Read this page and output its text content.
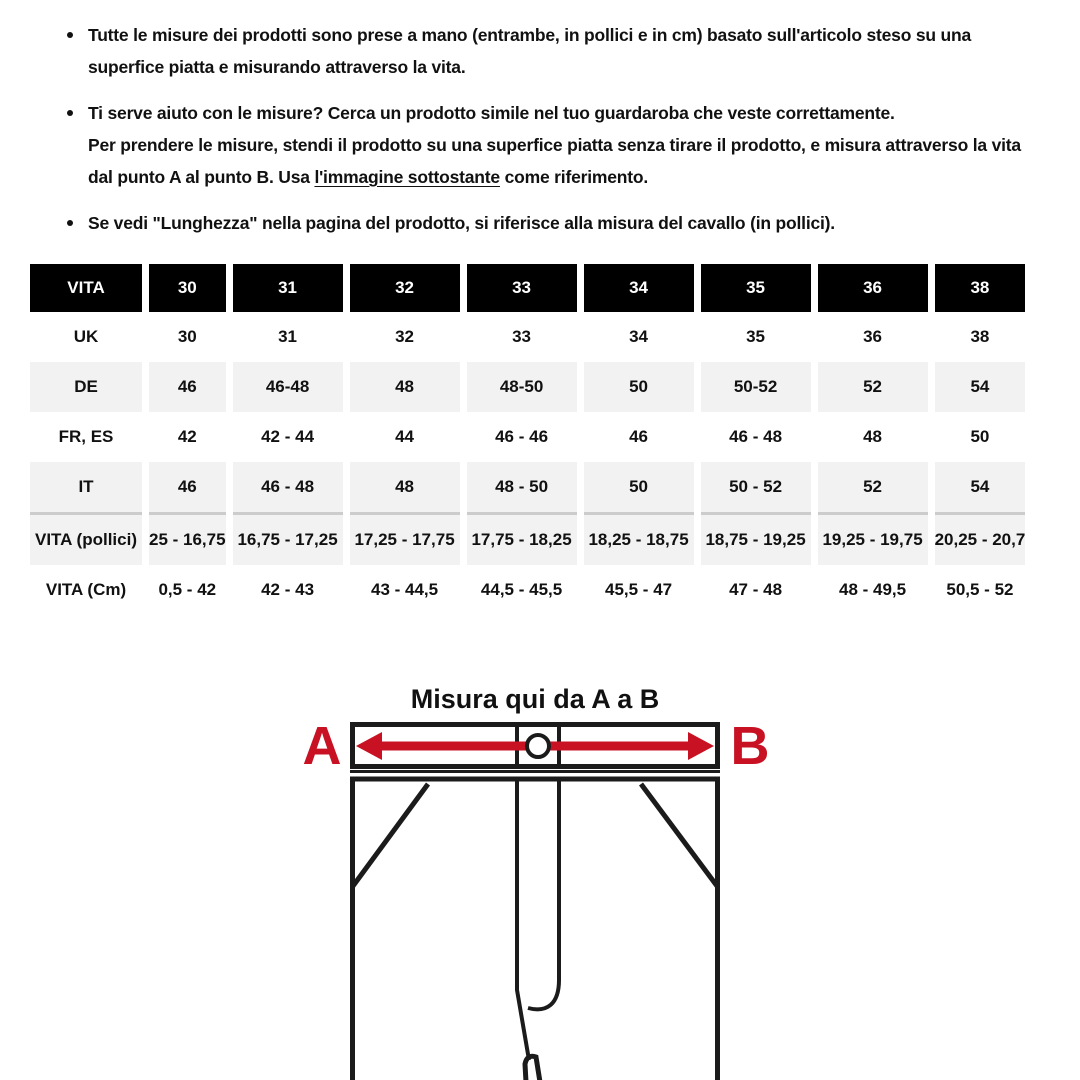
Tutte le misure dei prodotti sono prese a mano (entrambe, in pollici e in cm) basato sull'articolo steso su una superfice piatta e misurando attraverso la vita.
Ti serve aiuto con le misure? Cerca un prodotto simile nel tuo guardaroba che veste correttamente.
Per prendere le misure, stendi il prodotto su una superfice piatta senza tirare il prodotto, e misura attraverso la vita dal punto A al punto B. Usa l'immagine sottostante come riferimento.
Se vedi "Lunghezza" nella pagina del prodotto, si riferisce alla misura del cavallo (in pollici).
VITA	30	31	32	33	34	35	36	38
UK	30	31	32	33	34	35	36	38
DE	46	46-48	48	48-50	50	50-52	52	54
FR, ES	42	42 - 44	44	46 - 46	46	46 - 48	48	50
IT	46	46 - 48	48	48 - 50	50	50 - 52	52	54
VITA (pollici)	25 - 16,75	16,75 - 17,25	17,25 - 17,75	17,75 - 18,25	18,25 - 18,75	18,75 - 19,25	19,25 - 19,75	20,25 - 20,7
VITA (Cm)	0,5 - 42	42 - 43	43 - 44,5	44,5 - 45,5	45,5 - 47	47 - 48	48 - 49,5	50,5 - 52
Misura qui da A a B
A	B
